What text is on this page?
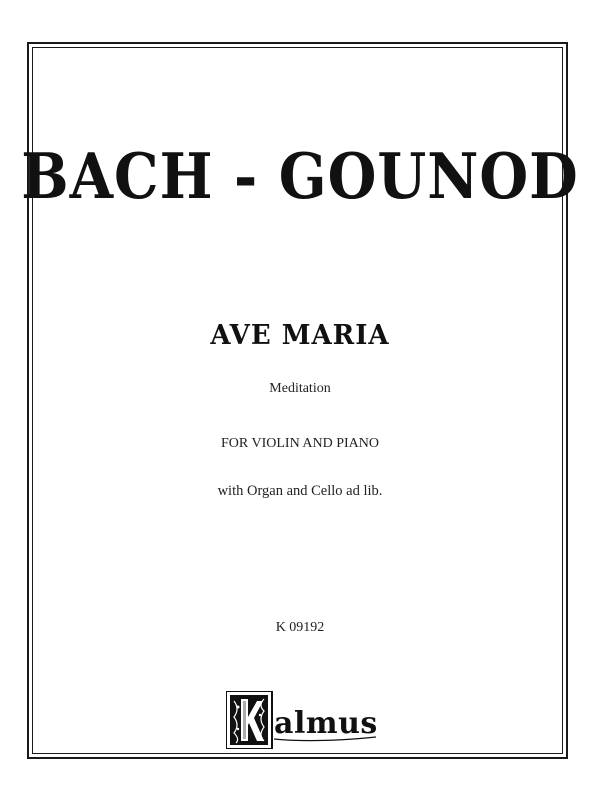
BACH - GOUNOD
AVE MARIA
Meditation
FOR VIOLIN AND PIANO
with Organ and Cello ad lib.
K 09192
almus
